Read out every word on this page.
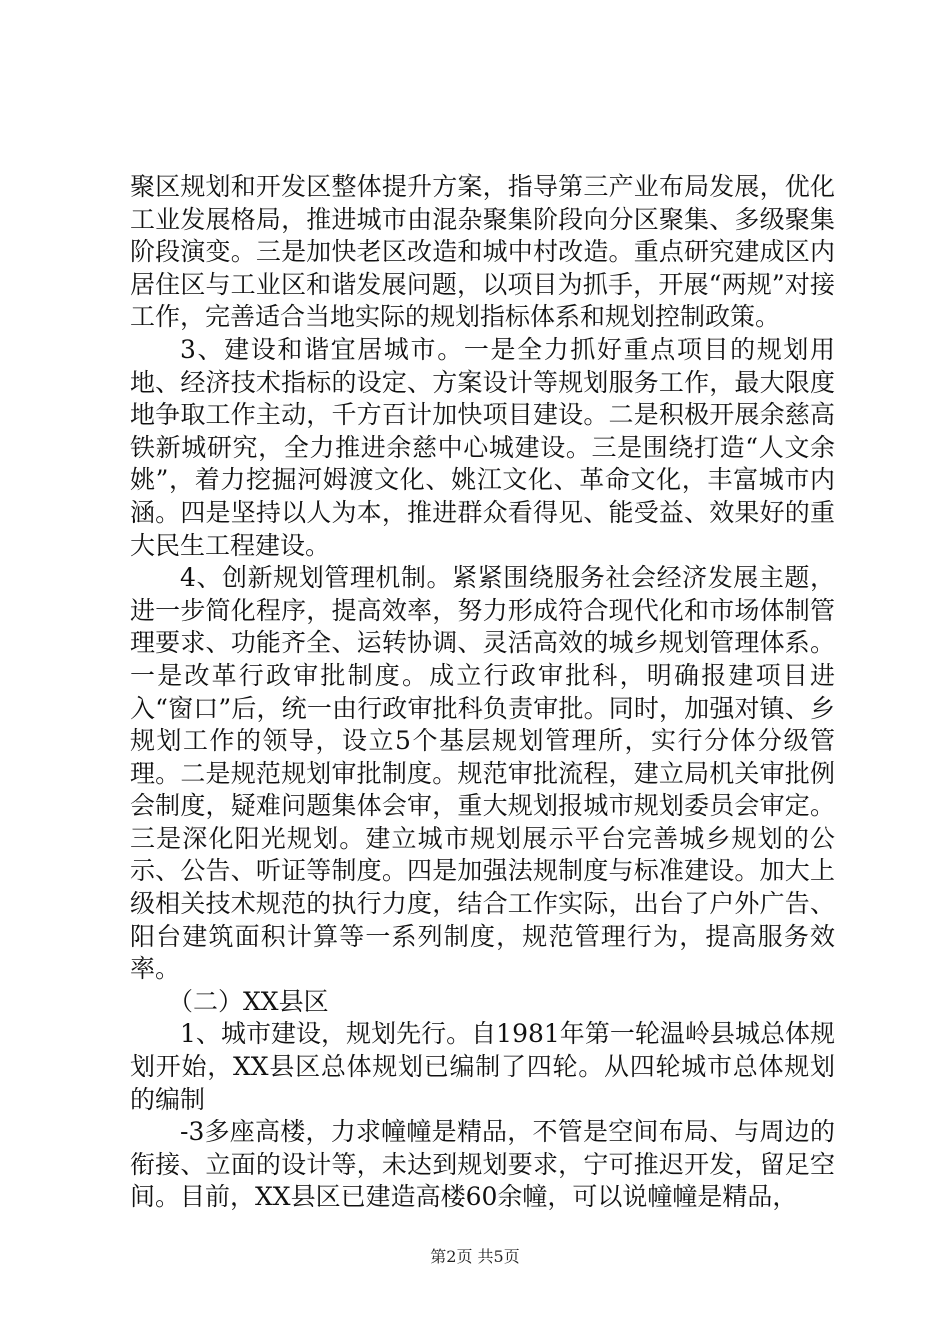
聚区规划和开发区整体提升方案，指导第三产业布局发展，优化工业发展格局，推进城市由混杂聚集阶段向分区聚集、多级聚集阶段演变。三是加快老区改造和城中村改造。重点研究建成区内居住区与工业区和谐发展问题，以项目为抓手，开展“两规”对接工作，完善适合当地实际的规划指标体系和规划控制政策。

3、建设和谐宜居城市。一是全力抓好重点项目的规划用地、经济技术指标的设定、方案设计等规划服务工作，最大限度地争取工作主动，千方百计加快项目建设。二是积极开展余慈高铁新城研究，全力推进余慈中心城建设。三是围绕打造“人文余姚”，着力挖掘河姆渡文化、姚江文化、革命文化，丰富城市内涵。四是坚持以人为本，推进群众看得见、能受益、效果好的重大民生工程建设。

4、创新规划管理机制。紧紧围绕服务社会经济发展主题，进一步简化程序，提高效率，努力形成符合现代化和市场体制管理要求、功能齐全、运转协调、灵活高效的城乡规划管理体系。一是改革行政审批制度。成立行政审批科，明确报建项目进入“窗口”后，统一由行政审批科负责审批。同时，加强对镇、乡规划工作的领导，设立5个基层规划管理所，实行分体分级管理。二是规范规划审批制度。规范审批流程，建立局机关审批例会制度，疑难问题集体会审，重大规划报城市规划委员会审定。三是深化阳光规划。建立城市规划展示平台完善城乡规划的公示、公告、听证等制度。四是加强法规制度与标准建设。加大上级相关技术规范的执行力度，结合工作实际，出台了户外广告、阳台建筑面积计算等一系列制度，规范管理行为，提高服务效率。

（二）XX县区

1、城市建设，规划先行。自1981年第一轮温岭县城总体规划开始，XX县区总体规划已编制了四轮。从四轮城市总体规划的编制

-3多座高楼，力求幢幢是精品，不管是空间布局、与周边的衔接、立面的设计等，未达到规划要求，宁可推迟开发，留足空间。目前，XX县区已建造高楼60余幢，可以说幢幢是精品，

第2页 共5页
